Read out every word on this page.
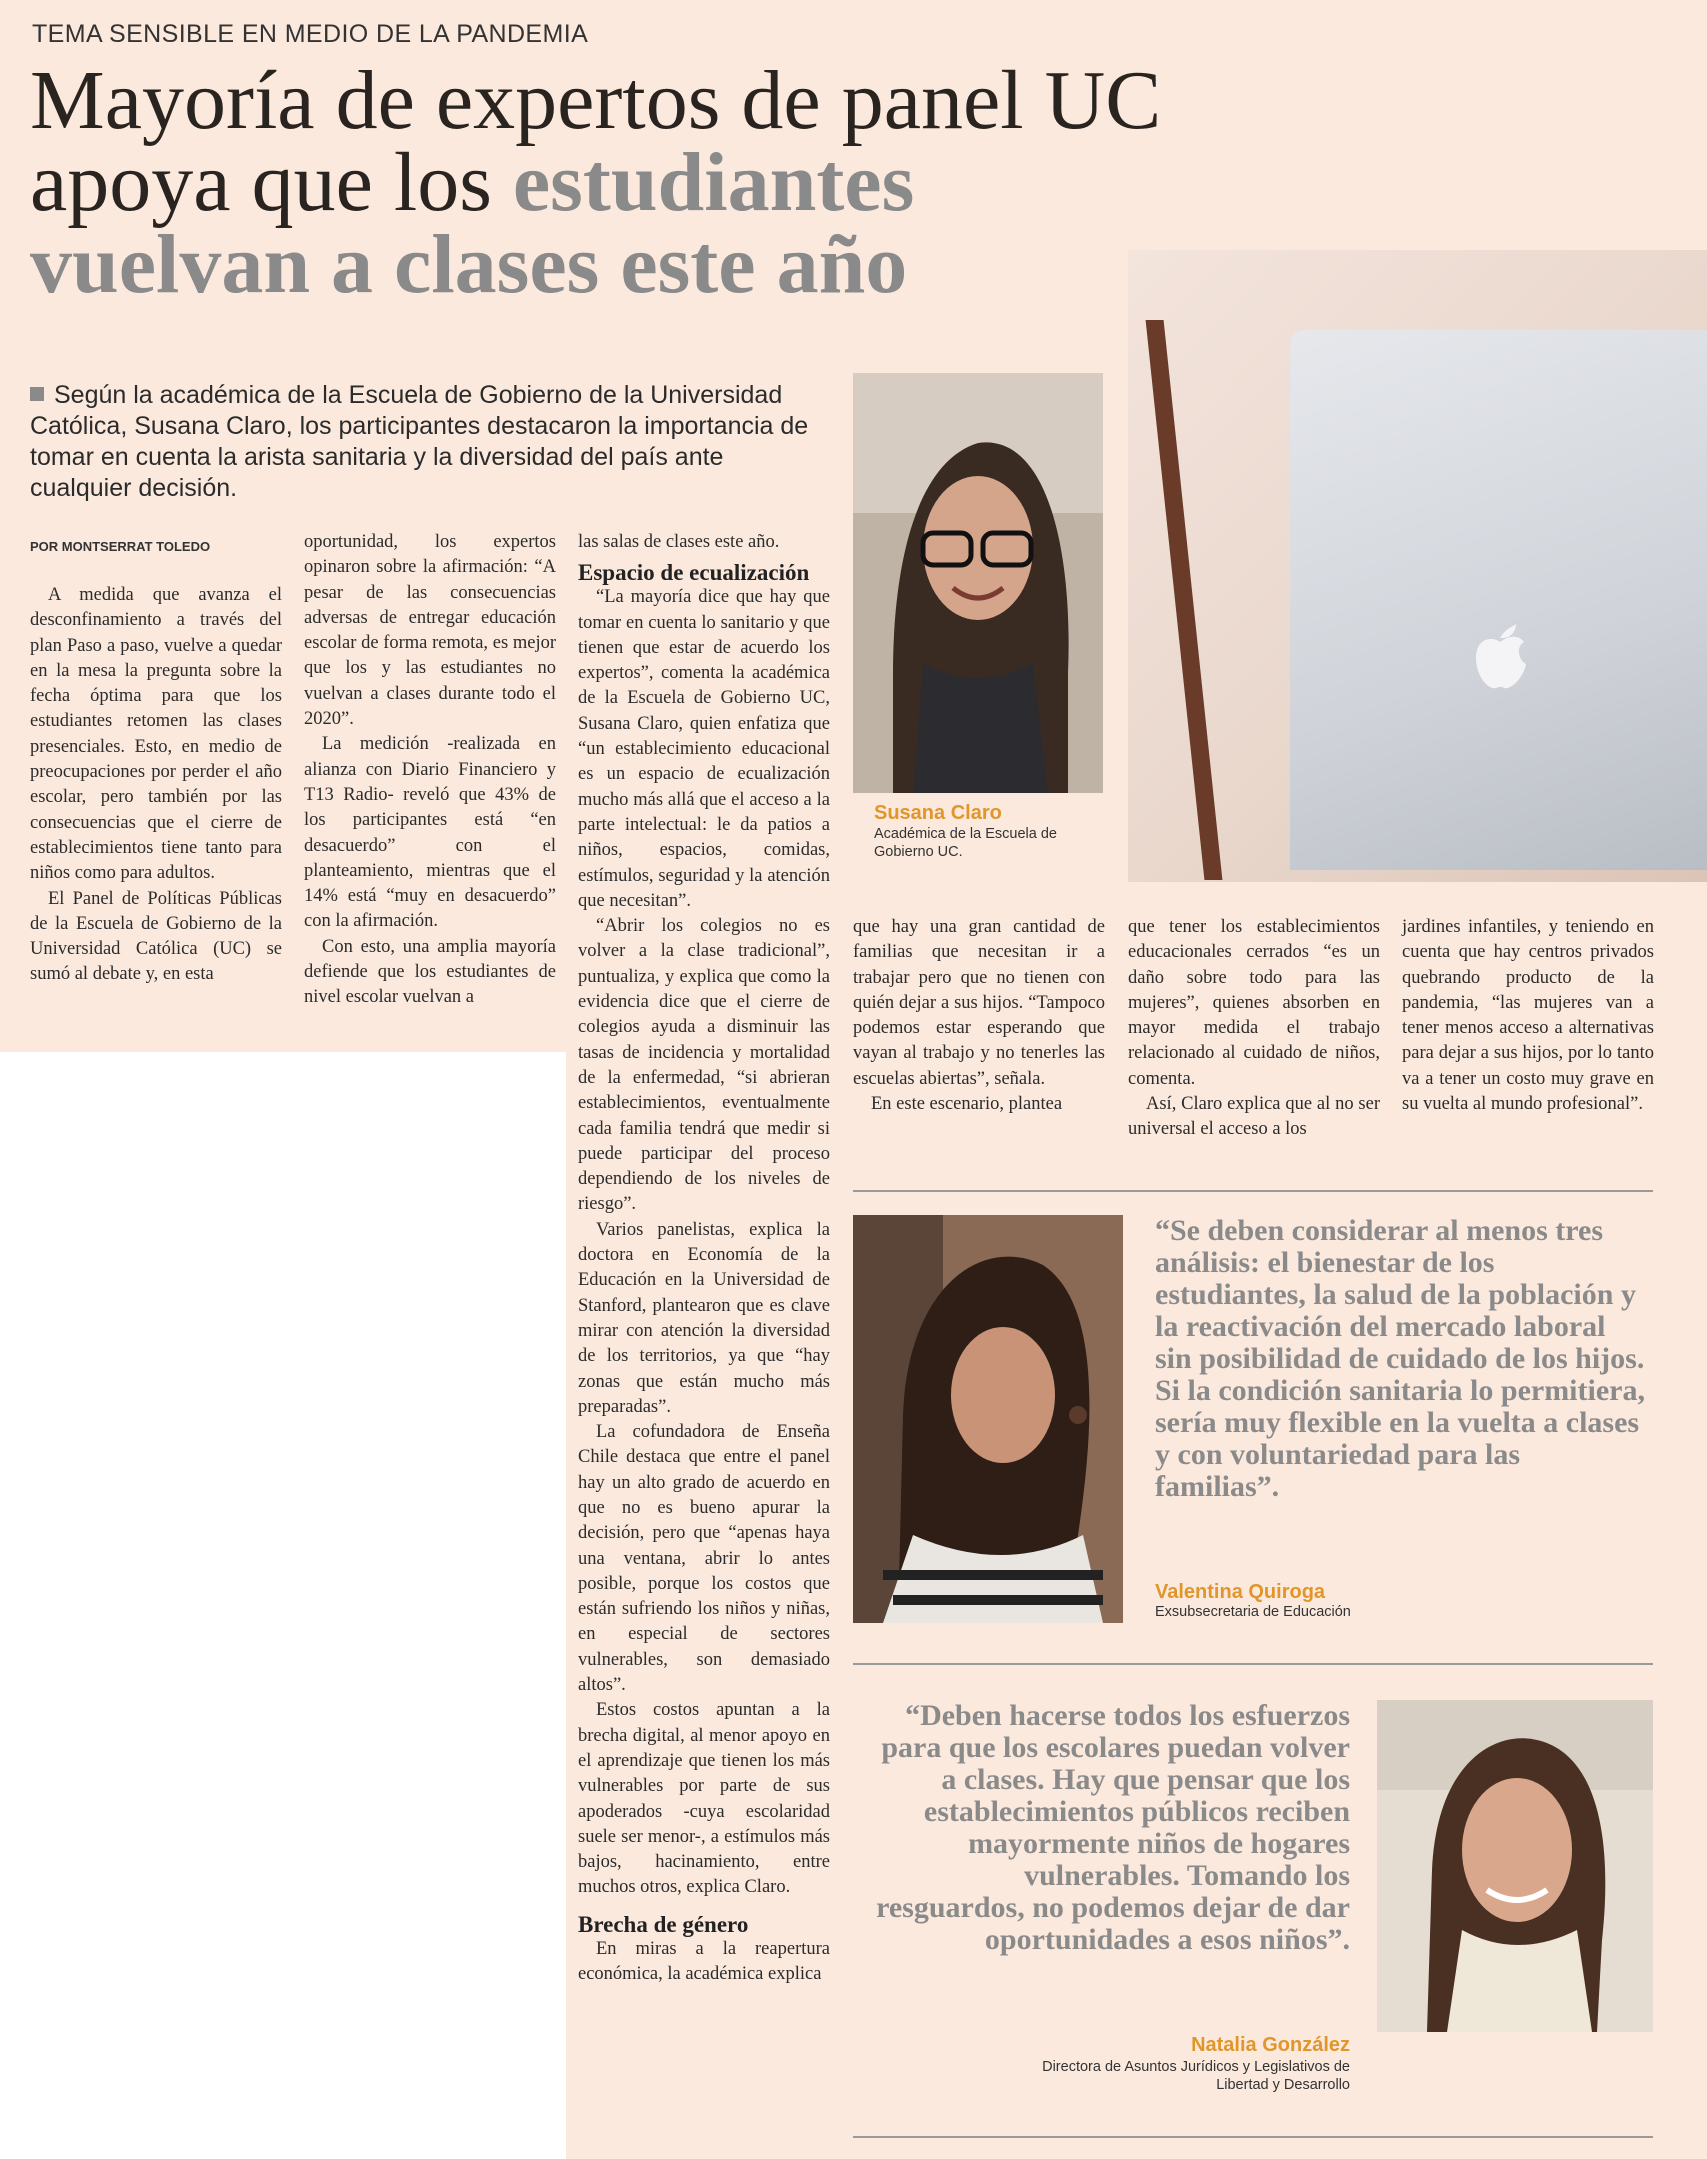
TEMA SENSIBLE EN MEDIO DE LA PANDEMIA
Mayoría de expertos de panel UC apoya que los estudiantes vuelvan a clases este año
Según la académica de la Escuela de Gobierno de la Universidad Católica, Susana Claro, los participantes destacaron la importancia de tomar en cuenta la arista sanitaria y la diversidad del país ante cualquier decisión.
POR MONTSERRAT TOLEDO

A medida que avanza el desconfinamiento a través del plan Paso a paso, vuelve a quedar en la mesa la pregunta sobre la fecha óptima para que los estudiantes retomen las clases presenciales. Esto, en medio de preocupaciones por perder el año escolar, pero también por las consecuencias que el cierre de establecimientos tiene tanto para niños como para adultos.

El Panel de Políticas Públicas de la Escuela de Gobierno de la Universidad Católica (UC) se sumó al debate y, en esta

oportunidad, los expertos opinaron sobre la afirmación: “A pesar de las consecuencias adversas de entregar educación escolar de forma remota, es mejor que los y las estudiantes no vuelvan a clases durante todo el 2020”.

La medición -realizada en alianza con Diario Financiero y T13 Radio- reveló que 43% de los participantes está “en desacuerdo” con el planteamiento, mientras que el 14% está “muy en desacuerdo” con la afirmación.

Con esto, una amplia mayoría defiende que los estudiantes de nivel escolar vuelvan a

las salas de clases este año.

Espacio de ecualización

“La mayoría dice que hay que tomar en cuenta lo sanitario y que tienen que estar de acuerdo los expertos”, comenta la académica de la Escuela de Gobierno UC, Susana Claro, quien enfatiza que “un establecimiento educacional es un espacio de ecualización mucho más allá que el acceso a la parte intelectual: le da patios a niños, espacios, comidas, estímulos, seguridad y la atención que necesitan”.

“Abrir los colegios no es volver a la clase tradicional”, puntualiza, y explica que como la evidencia dice que el cierre de colegios ayuda a disminuir las tasas de incidencia y mortalidad de la enfermedad, “si abrieran establecimientos, eventualmente cada familia tendrá que medir si puede participar del proceso dependiendo de los niveles de riesgo”.

Varios panelistas, explica la doctora en Economía de la Educación en la Universidad de Stanford, plantearon que es clave mirar con atención la diversidad de los territorios, ya que “hay zonas que están mucho más preparadas”.

La cofundadora de Enseña Chile destaca que entre el panel hay un alto grado de acuerdo en que no es bueno apurar la decisión, pero que “apenas haya una ventana, abrir lo antes posible, porque los costos que están sufriendo los niños y niñas, en especial de sectores vulnerables, son demasiado altos”.

Estos costos apuntan a la brecha digital, al menor apoyo en el aprendizaje que tienen los más vulnerables por parte de sus apoderados -cuya escolaridad suele ser menor-, a estímulos más bajos, hacinamiento, entre muchos otros, explica Claro.

Brecha de género

En miras a la reapertura económica, la académica explica

Susana Claro
Académica de la Escuela de Gobierno UC.

que hay una gran cantidad de familias que necesitan ir a trabajar pero que no tienen con quién dejar a sus hijos. “Tampoco podemos estar esperando que vayan al trabajo y no tenerles las escuelas abiertas”, señala.

En este escenario, plantea

que tener los establecimientos educacionales cerrados “es un daño sobre todo para las mujeres”, quienes absorben en mayor medida el trabajo relacionado al cuidado de niños, comenta.

Así, Claro explica que al no ser universal el acceso a los

jardines infantiles, y teniendo en cuenta que hay centros privados quebrando producto de la pandemia, “las mujeres van a tener menos acceso a alternativas para dejar a sus hijos, por lo tanto va a tener un costo muy grave en su vuelta al mundo profesional”.

“Se deben considerar al menos tres análisis: el bienestar de los estudiantes, la salud de la población y la reactivación del mercado laboral sin posibilidad de cuidado de los hijos. Si la condición sanitaria lo permitiera, sería muy flexible en la vuelta a clases y con voluntariedad para las familias”.
Valentina Quiroga
Exsubsecretaria de Educación
“Deben hacerse todos los esfuerzos para que los escolares puedan volver a clases. Hay que pensar que los establecimientos públicos reciben mayormente niños de hogares vulnerables. Tomando los resguardos, no podemos dejar de dar oportunidades a esos niños”.
Natalia González
Directora de Asuntos Jurídicos y Legislativos de Libertad y Desarrollo
